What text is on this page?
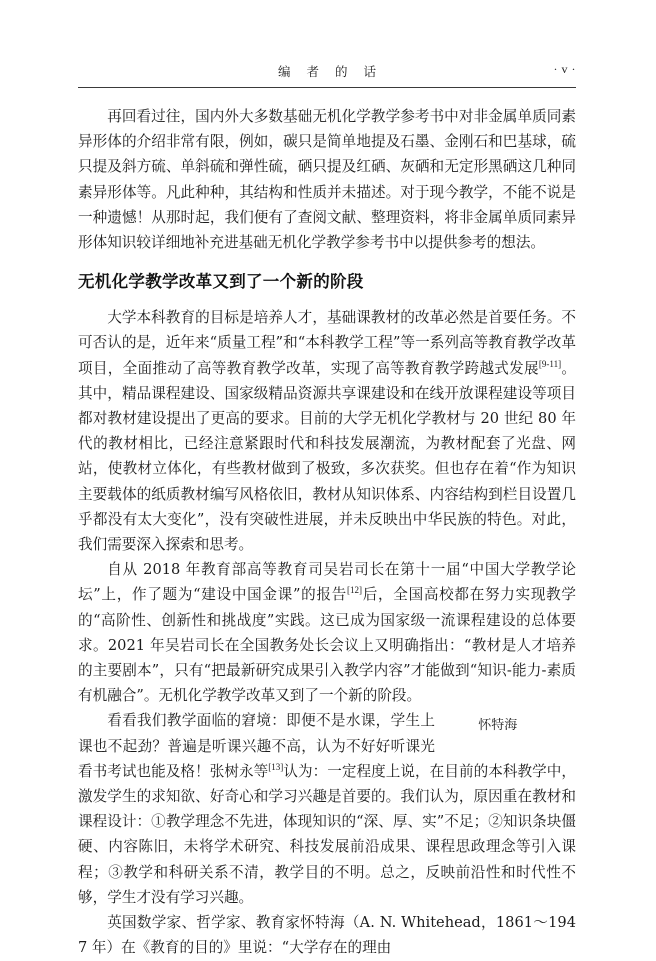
编 者 的 话	· v ·

再回看过往，国内外大多数基础无机化学教学参考书中对非金属单质同素异形体的介绍非常有限，例如，碳只是简单地提及石墨、金刚石和巴基球，硫只提及斜方硫、单斜硫和弹性硫，硒只提及红硒、灰硒和无定形黑硒这几种同素异形体等。凡此种种，其结构和性质并未描述。对于现今教学，不能不说是一种遗憾！从那时起，我们便有了查阅文献、整理资料，将非金属单质同素异形体知识较详细地补充进基础无机化学教学参考书中以提供参考的想法。

无机化学教学改革又到了一个新的阶段

大学本科教育的目标是培养人才，基础课教材的改革必然是首要任务。不可否认的是，近年来“质量工程”和“本科教学工程”等一系列高等教育教学改革项目，全面推动了高等教育教学改革，实现了高等教育教学跨越式发展[9-11]。其中，精品课程建设、国家级精品资源共享课建设和在线开放课程建设等项目都对教材建设提出了更高的要求。目前的大学无机化学教材与 20 世纪 80 年代的教材相比，已经注意紧跟时代和科技发展潮流，为教材配套了光盘、网站，使教材立体化，有些教材做到了极致，多次获奖。但也存在着“作为知识主要载体的纸质教材编写风格依旧，教材从知识体系、内容结构到栏目设置几乎都没有太大变化”，没有突破性进展，并未反映出中华民族的特色。对此，我们需要深入探索和思考。

自从 2018 年教育部高等教育司吴岩司长在第十一届“中国大学教学论坛”上，作了题为“建设中国金课”的报告[12]后，全国高校都在努力实现教学的“高阶性、创新性和挑战度”实践。这已成为国家级一流课程建设的总体要求。2021 年吴岩司长在全国教务处长会议上又明确指出：“教材是人才培养的主要剧本”，只有“把最新研究成果引入教学内容”才能做到“知识-能力-素质有机融合”。无机化学教学改革又到了一个新的阶段。

怀特海
看看我们教学面临的窘境：即便不是水课，学生上课也不起劲？普遍是听课兴趣不高，认为不好好听课光看书考试也能及格！张树永等[13]认为：一定程度上说，在目前的本科教学中，激发学生的求知欲、好奇心和学习兴趣是首要的。我们认为，原因重在教材和课程设计：①教学理念不先进，体现知识的“深、厚、实”不足；②知识条块僵硬、内容陈旧，未将学术研究、科技发展前沿成果、课程思政理念等引入课程；③教学和科研关系不清，教学目的不明。总之，反映前沿性和时代性不够，学生才没有学习兴趣。

英国数学家、哲学家、教育家怀特海（A. N. Whitehead，1861～1947 年）在《教育的目的》里说：“大学存在的理由
